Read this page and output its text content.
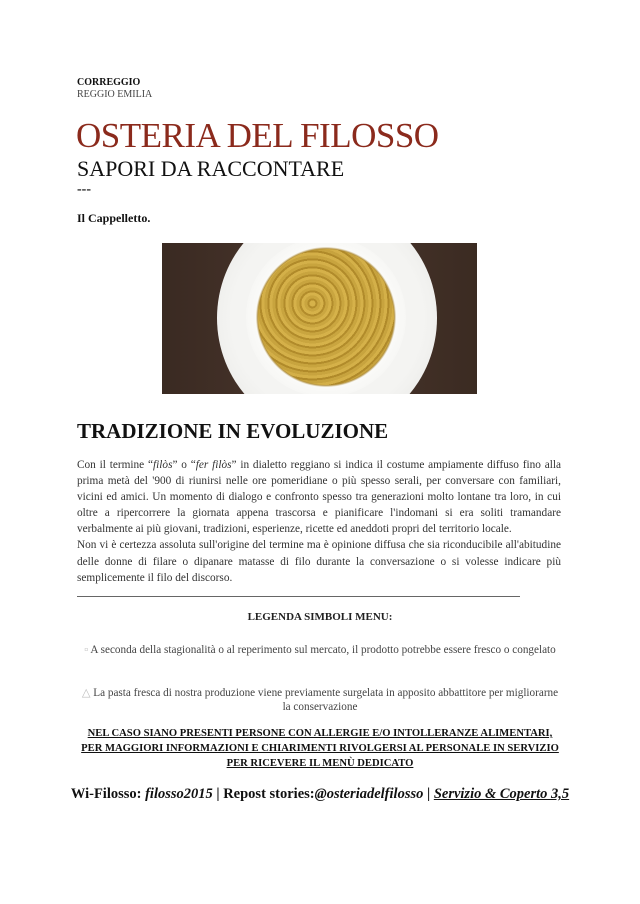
CORREGGIO
REGGIO EMILIA
OSTERIA DEL FILOSSO
SAPORI DA RACCONTARE
---
Il Cappelletto.
TRADIZIONE IN EVOLUZIONE

Con il termine “filòs” o “fer filòs” in dialetto reggiano si indica il costume ampiamente diffuso fino alla prima metà del '900 di riunirsi nelle ore pomeridiane o più spesso serali, per conversare con familiari, vicini ed amici. Un momento di dialogo e confronto spesso tra generazioni molto lontane tra loro, in cui oltre a ripercorrere la giornata appena trascorsa e pianificare l'indomani si era soliti tramandare verbalmente ai più giovani, tradizioni, esperienze, ricette ed aneddoti propri del territorio locale.

Non vi è certezza assoluta sull'origine del termine ma è opinione diffusa che sia riconducibile all'abitudine delle donne di filare o dipanare matasse di filo durante la conversazione o si volesse indicare più semplicemente il filo del discorso.

LEGENDA SIMBOLI MENU:
▫ A seconda della stagionalità o al reperimento sul mercato, il prodotto potrebbe essere fresco o congelato
△ La pasta fresca di nostra produzione viene previamente surgelata in apposito abbattitore per migliorarne la conservazione
NEL CASO SIANO PRESENTI PERSONE CON ALLERGIE E/O INTOLLERANZE ALIMENTARI,
PER MAGGIORI INFORMAZIONI E CHIARIMENTI RIVOLGERSI AL PERSONALE IN SERVIZIO
PER RICEVERE IL MENÙ DEDICATO
Wi-Filosso: filosso2015 | Repost stories:@osteriadelfilosso | Servizio & Coperto 3,5
